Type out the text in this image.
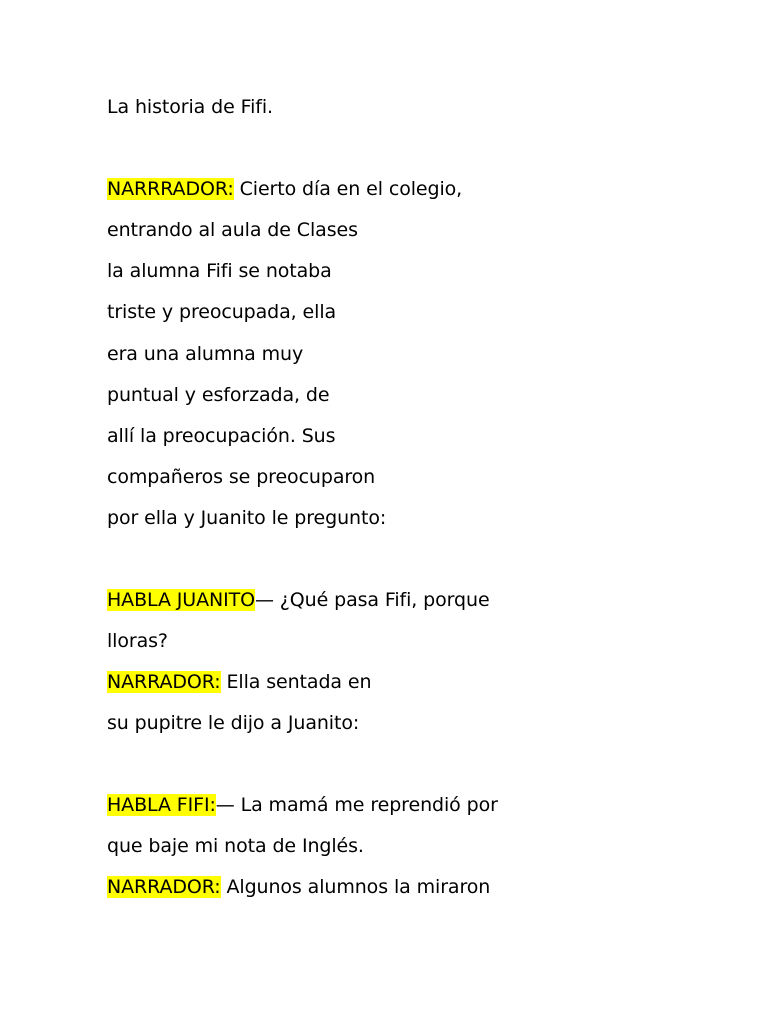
La historia de Fifi.
NARRRADOR: Cierto día en el colegio,
entrando al aula de Clases
la alumna Fifi se notaba
triste y preocupada, ella
era una alumna muy
puntual y esforzada, de
allí la preocupación. Sus
compañeros se preocuparon
por ella y Juanito le pregunto:
HABLA JUANITO— ¿Qué pasa Fifi, porque
lloras?
NARRADOR: Ella sentada en
su pupitre le dijo a Juanito:
HABLA FIFI:— La mamá me reprendió por
que baje mi nota de Inglés.
NARRADOR: Algunos alumnos la miraron
